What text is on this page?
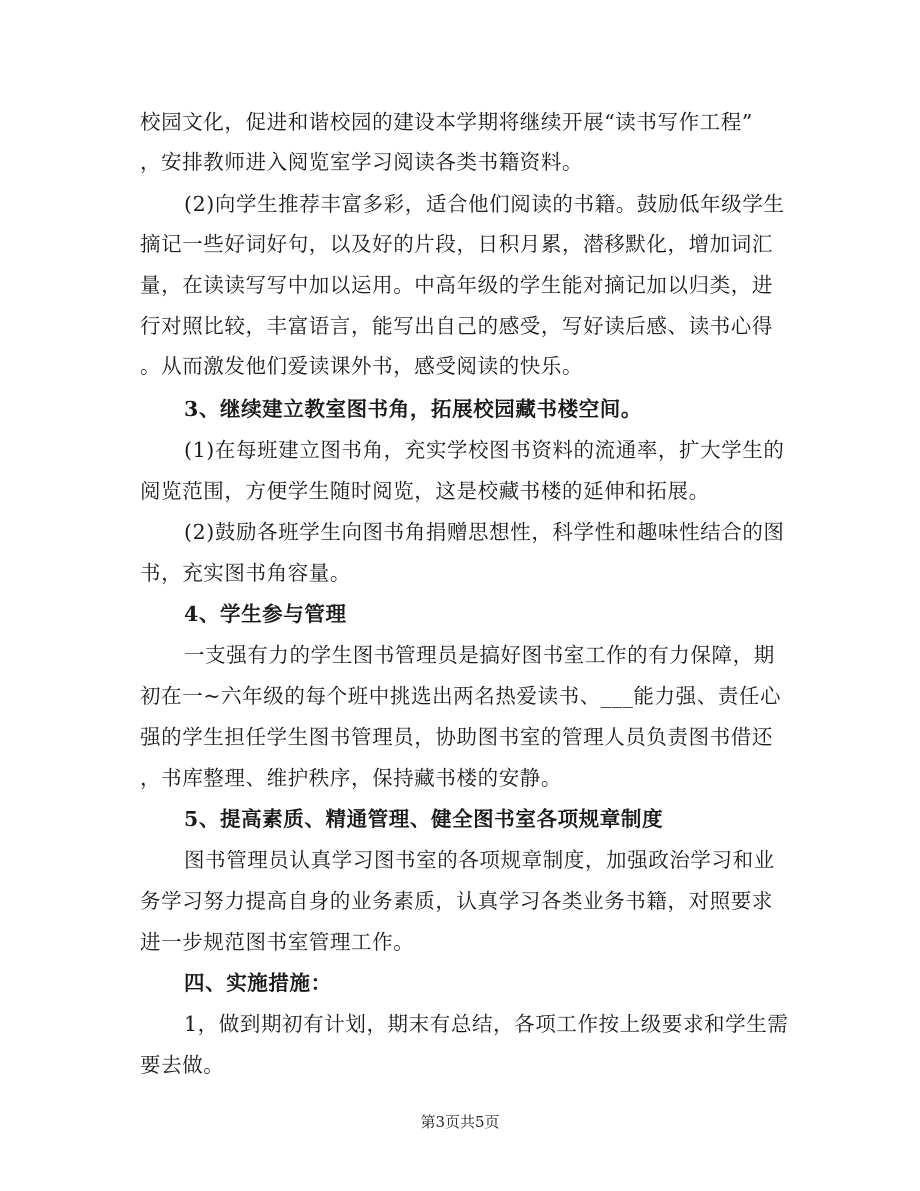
校园文化，促进和谐校园的建设本学期将继续开展“读书写作工程”
，安排教师进入阅览室学习阅读各类书籍资料。
(2)向学生推荐丰富多彩，适合他们阅读的书籍。鼓励低年级学生
摘记一些好词好句，以及好的片段，日积月累，潜移默化，增加词汇
量，在读读写写中加以运用。中高年级的学生能对摘记加以归类，进
行对照比较，丰富语言，能写出自己的感受，写好读后感、读书心得
。从而激发他们爱读课外书，感受阅读的快乐。
3、继续建立教室图书角，拓展校园藏书楼空间。
(1)在每班建立图书角，充实学校图书资料的流通率，扩大学生的
阅览范围，方便学生随时阅览，这是校藏书楼的延伸和拓展。
(2)鼓励各班学生向图书角捐赠思想性，科学性和趣味性结合的图
书，充实图书角容量。
4、学生参与管理
一支强有力的学生图书管理员是搞好图书室工作的有力保障，期
初在一~六年级的每个班中挑选出两名热爱读书、___能力强、责任心
强的学生担任学生图书管理员，协助图书室的管理人员负责图书借还
，书库整理、维护秩序，保持藏书楼的安静。
5、提高素质、精通管理、健全图书室各项规章制度
图书管理员认真学习图书室的各项规章制度，加强政治学习和业
务学习努力提高自身的业务素质，认真学习各类业务书籍，对照要求
进一步规范图书室管理工作。
四、实施措施：
1，做到期初有计划，期末有总结，各项工作按上级要求和学生需
要去做。
第3页共5页
